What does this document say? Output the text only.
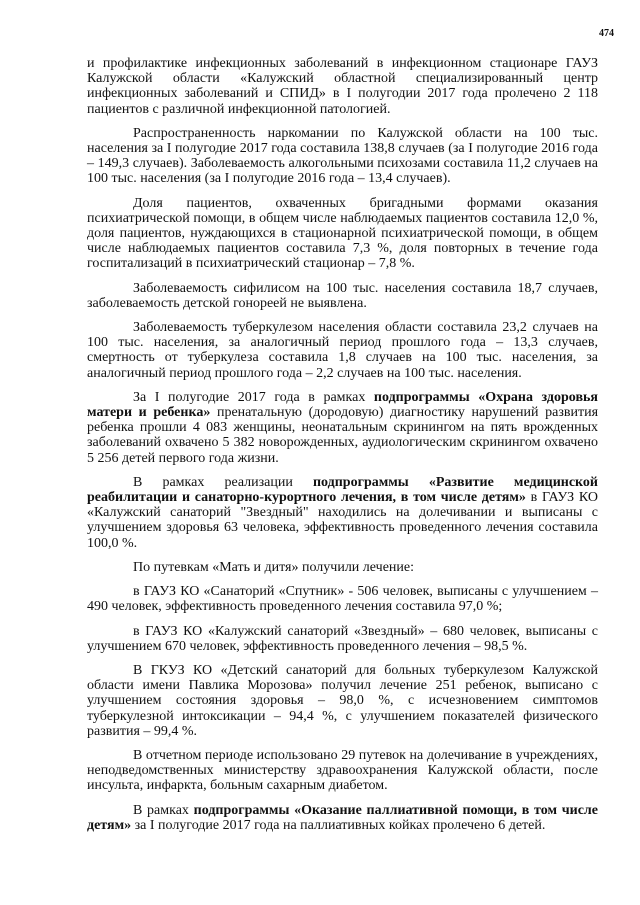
474

и профилактике инфекционных заболеваний в инфекционном стационаре ГАУЗ Калужской области «Калужский областной специализированный центр инфекционных заболеваний и СПИД» в I полугодии 2017 года пролечено 2 118 пациентов с различной инфекционной патологией.

Распространенность наркомании по Калужской области на 100 тыс. населения за I полугодие 2017 года составила 138,8 случаев (за I полугодие 2016 года – 149,3 случаев). Заболеваемость алкогольными психозами составила 11,2 случаев на 100 тыс. населения (за I полугодие 2016 года – 13,4 случаев).

Доля пациентов, охваченных бригадными формами оказания психиатрической помощи, в общем числе наблюдаемых пациентов составила 12,0 %, доля пациентов, нуждающихся в стационарной психиатрической помощи, в общем числе наблюдаемых пациентов составила 7,3 %, доля повторных в течение года госпитализаций в психиатрический стационар – 7,8 %.

Заболеваемость сифилисом на 100 тыс. населения составила 18,7 случаев, заболеваемость детской гонореей не выявлена.

Заболеваемость туберкулезом населения области составила 23,2 случаев на 100 тыс. населения, за аналогичный период прошлого года – 13,3 случаев, смертность от туберкулеза составила 1,8 случаев на 100 тыс. населения, за аналогичный период прошлого года – 2,2 случаев на 100 тыс. населения.

За I полугодие 2017 года в рамках подпрограммы «Охрана здоровья матери и ребенка» пренатальную (дородовую) диагностику нарушений развития ребенка прошли 4 083 женщины, неонатальным скринингом на пять врожденных заболеваний охвачено 5 382 новорожденных, аудиологическим скринингом охвачено 5 256 детей первого года жизни.

В рамках реализации подпрограммы «Развитие медицинской реабилитации и санаторно-курортного лечения, в том числе детям» в ГАУЗ КО «Калужский санаторий "Звездный" находились на долечивании и выписаны с улучшением здоровья 63 человека, эффективность проведенного лечения составила 100,0 %.

По путевкам «Мать и дитя» получили лечение:

в ГАУЗ КО «Санаторий «Спутник» - 506 человек, выписаны с улучшением – 490 человек, эффективность проведенного лечения составила 97,0 %;

в ГАУЗ КО «Калужский санаторий «Звездный» – 680 человек, выписаны с улучшением 670 человек, эффективность проведенного лечения – 98,5 %.

В ГКУЗ КО «Детский санаторий для больных туберкулезом Калужской области имени Павлика Морозова» получил лечение 251 ребенок, выписано с улучшением состояния здоровья – 98,0 %, с исчезновением симптомов туберкулезной интоксикации – 94,4 %, с улучшением показателей физического развития – 99,4 %.

В отчетном периоде использовано 29 путевок на долечивание в учреждениях, неподведомственных министерству здравоохранения Калужской области, после инсульта, инфаркта, больным сахарным диабетом.

В рамках подпрограммы «Оказание паллиативной помощи, в том числе детям» за I полугодие 2017 года на паллиативных койках пролечено 6 детей.
